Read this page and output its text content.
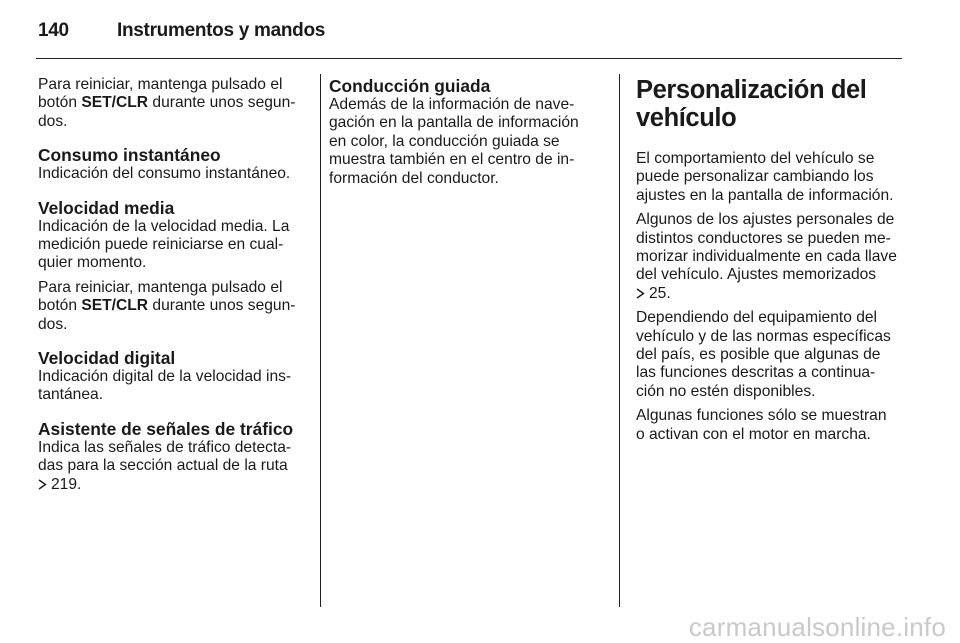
140	Instrumentos y mandos

Para reiniciar, mantenga pulsado el
botón SET/CLR durante unos segun-
dos.

Consumo instantáneo

Indicación del consumo instantáneo.

Velocidad media

Indicación de la velocidad media. La
medición puede reiniciarse en cual-
quier momento.

Para reiniciar, mantenga pulsado el
botón SET/CLR durante unos segun-
dos.

Velocidad digital

Indicación digital de la velocidad ins-
tantánea.

Asistente de señales de tráfico

Indica las señales de tráfico detecta-
das para la sección actual de la ruta
219.

Conducción guiada

Además de la información de nave-
gación en la pantalla de información
en color, la conducción guiada se
muestra también en el centro de in-
formación del conductor.

Personalización del
vehículo

El comportamiento del vehículo se
puede personalizar cambiando los
ajustes en la pantalla de información.

Algunos de los ajustes personales de
distintos conductores se pueden me-
morizar individualmente en cada llave
del vehículo. Ajustes memorizados
25.

Dependiendo del equipamiento del
vehículo y de las normas específicas
del país, es posible que algunas de
las funciones descritas a continua-
ción no estén disponibles.

Algunas funciones sólo se muestran
o activan con el motor en marcha.

carmanualsonline.info
